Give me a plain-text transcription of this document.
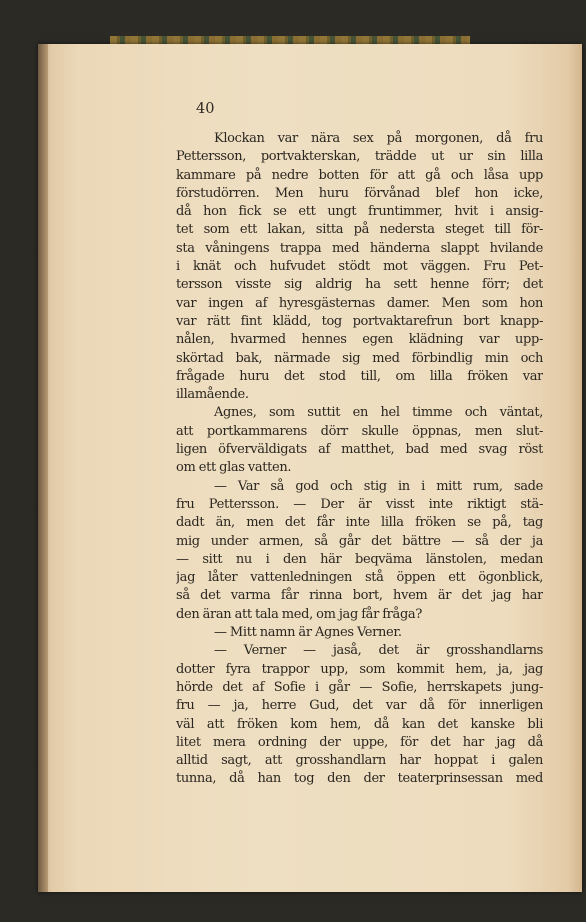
40

Klockan var nära sex på morgonen, då fru
Pettersson, portvakterskan, trädde ut ur sin lilla
kammare på nedre botten för att gå och låsa upp
förstudörren. Men huru förvånad blef hon icke,
då hon fick se ett ungt fruntimmer, hvit i ansig-
tet som ett lakan, sitta på nedersta steget till för-
sta våningens trappa med händerna slappt hvilande
i knät och hufvudet stödt mot väggen. Fru Pet-
tersson visste sig aldrig ha sett henne förr; det
var ingen af hyresgästernas damer. Men som hon
var rätt fint klädd, tog portvaktarefrun bort knapp-
nålen, hvarmed hennes egen klädning var upp-
skörtad bak, närmade sig med förbindlig min och
frågade huru det stod till, om lilla fröken var
illamående.
Agnes, som suttit en hel timme och väntat,
att portkammarens dörr skulle öppnas, men slut-
ligen öfverväldigats af matthet, bad med svag röst
om ett glas vatten.
— Var så god och stig in i mitt rum, sade
fru Pettersson. — Der är visst inte riktigt stä-
dadt än, men det får inte lilla fröken se på, tag
mig under armen, så går det bättre — så der ja
— sitt nu i den här beqväma länstolen, medan
jag låter vattenledningen stå öppen ett ögonblick,
så det varma får rinna bort, hvem är det jag har
den äran att tala med, om jag får fråga?
— Mitt namn är Agnes Verner.
— Verner — jaså, det är grosshandlarns
dotter fyra trappor upp, som kommit hem, ja, jag
hörde det af Sofie i går — Sofie, herrskapets jung-
fru — ja, herre Gud, det var då för innerligen
väl att fröken kom hem, då kan det kanske bli
litet mera ordning der uppe, för det har jag då
alltid sagt, att grosshandlarn har hoppat i galen
tunna, då han tog den der teaterprinsessan med
